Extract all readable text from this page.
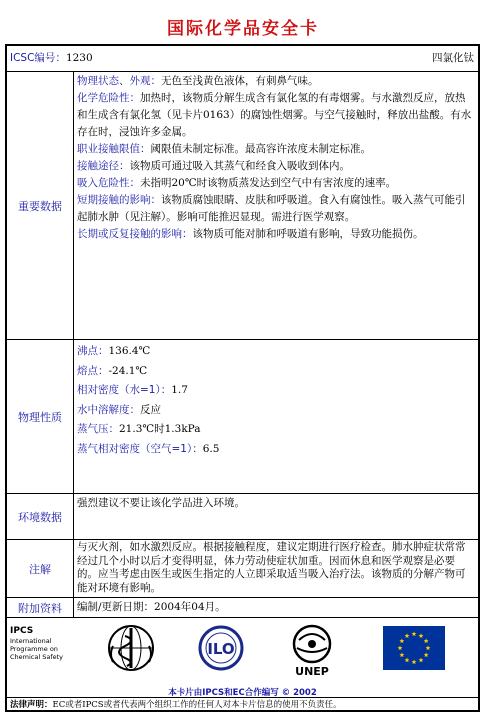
国际化学品安全卡
ICSC编号：1230	四氯化钛
重要数据

物理状态、外观：无色至浅黄色液体，有刺鼻气味。

化学危险性：加热时，该物质分解生成含有氯化氢的有毒烟雾。与水激烈反应，放热和生成含有氯化氢（见卡片0163）的腐蚀性烟雾。与空气接触时，释放出盐酸。有水存在时，浸蚀许多金属。

职业接触限值：阈限值未制定标准。最高容许浓度未制定标准。

接触途径：该物质可通过吸入其蒸气和经食入吸收到体内。

吸入危险性：未指明20℃时该物质蒸发达到空气中有害浓度的速率。

短期接触的影响：该物质腐蚀眼睛、皮肤和呼吸道。食入有腐蚀性。吸入蒸气可能引起肺水肿（见注解）。影响可能推迟显现。需进行医学观察。

长期或反复接触的影响：该物质可能对肺和呼吸道有影响，导致功能损伤。

物理性质

沸点：136.4℃

熔点：-24.1℃

相对密度（水=1）：1.7

水中溶解度：反应

蒸气压：21.3℃时1.3kPa

蒸气相对密度（空气=1）：6.5

环境数据
强烈建议不要让该化学品进入环境。
注解
与灭火剂，如水激烈反应。根据接触程度，建议定期进行医疗检查。肺水肿症状常常经过几个小时以后才变得明显，体力劳动使症状加重。因而休息和医学观察是必要的。应当考虑由医生或医生指定的人立即采取适当吸入治疗法。该物质的分解产物可能对环境有影响。
附加资料	编制/更新日期：2004年04月。
IPCS
International
Programme on
Chemical Safety	ILO
UNEP
本卡片由IPCS和EC合作编写 © 2002
法律声明：EC或者IPCS或者代表两个组织工作的任何人对本卡片信息的使用不负责任。
